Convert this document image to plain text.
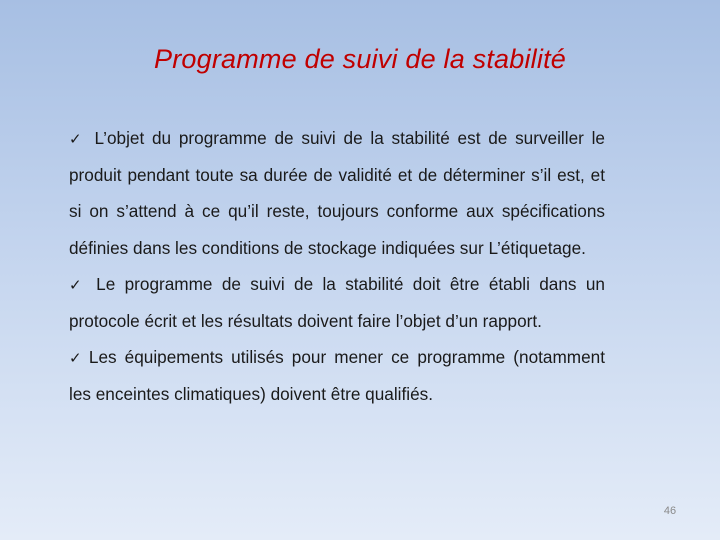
Programme de suivi de la stabilité

✓ L’objet du programme de suivi de la stabilité est de surveiller le produit pendant toute sa durée de validité et de déterminer s’il est, et si on s’attend à ce qu’il reste, toujours conforme aux spécifications définies dans les conditions de stockage indiquées sur L’étiquetage.

✓ Le programme de suivi de la stabilité doit être établi dans un protocole écrit et les résultats doivent faire l’objet d’un rapport.

✓ Les équipements utilisés pour mener ce programme (notamment les enceintes climatiques) doivent être qualifiés.

46
